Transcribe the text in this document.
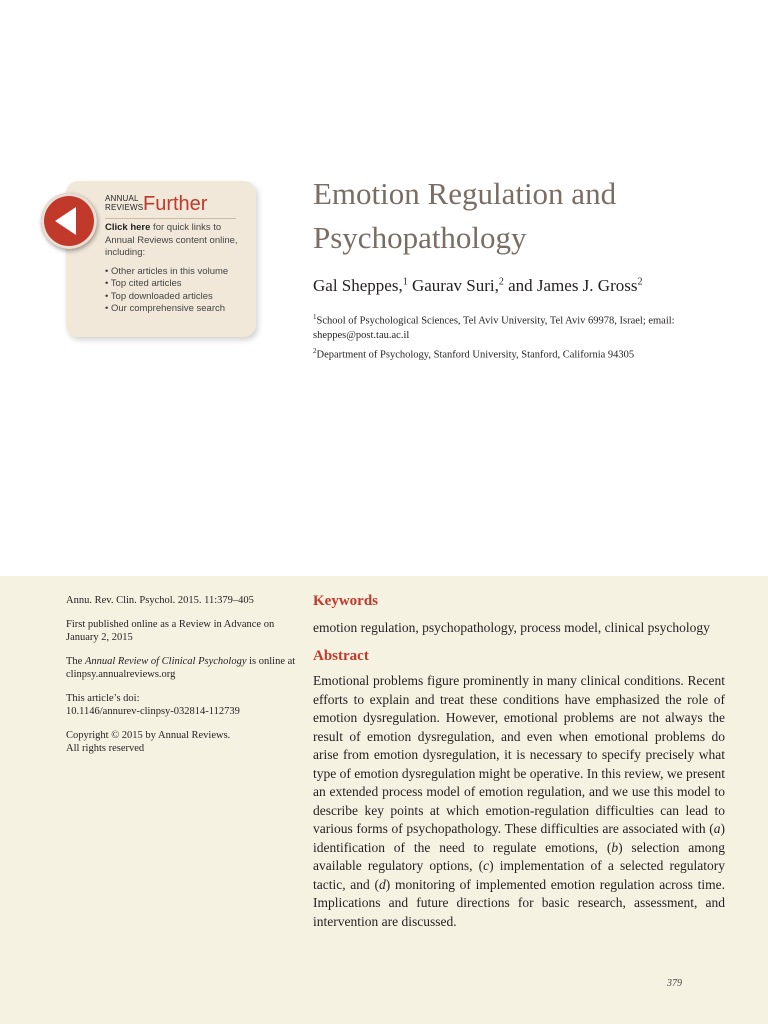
ANNUAL REVIEWS Further
Click here for quick links to Annual Reviews content online, including:
• Other articles in this volume
• Top cited articles
• Top downloaded articles
• Our comprehensive search
Emotion Regulation and Psychopathology
Gal Sheppes,$^1$ Gaurav Suri,$^2$ and James J. Gross$^2$
$^1$School of Psychological Sciences, Tel Aviv University, Tel Aviv 69978, Israel; email: sheppes@post.tau.ac.il
$^2$Department of Psychology, Stanford University, Stanford, California 94305

Annu. Rev. Clin. Psychol. 2015. 11:379–405

First published online as a Review in Advance on January 2, 2015

The Annual Review of Clinical Psychology is online at clinpsy.annualreviews.org

This article’s doi:
10.1146/annurev-clinpsy-032814-112739

Copyright © 2015 by Annual Reviews.
All rights reserved

Keywords
emotion regulation, psychopathology, process model, clinical psychology
Abstract

Emotional problems figure prominently in many clinical conditions. Recent efforts to explain and treat these conditions have emphasized the role of emotion dysregulation. However, emotional problems are not always the result of emotion dysregulation, and even when emotional problems do arise from emotion dysregulation, it is necessary to specify precisely what type of emotion dysregulation might be operative. In this review, we present an extended process model of emotion regulation, and we use this model to describe key points at which emotion-regulation difficulties can lead to various forms of psychopathology. These difficulties are associated with (a) identification of the need to regulate emotions, (b) selection among available regulatory options, (c) implementation of a selected regulatory tactic, and (d) monitoring of implemented emotion regulation across time. Implications and future directions for basic research, assessment, and intervention are discussed.

379
